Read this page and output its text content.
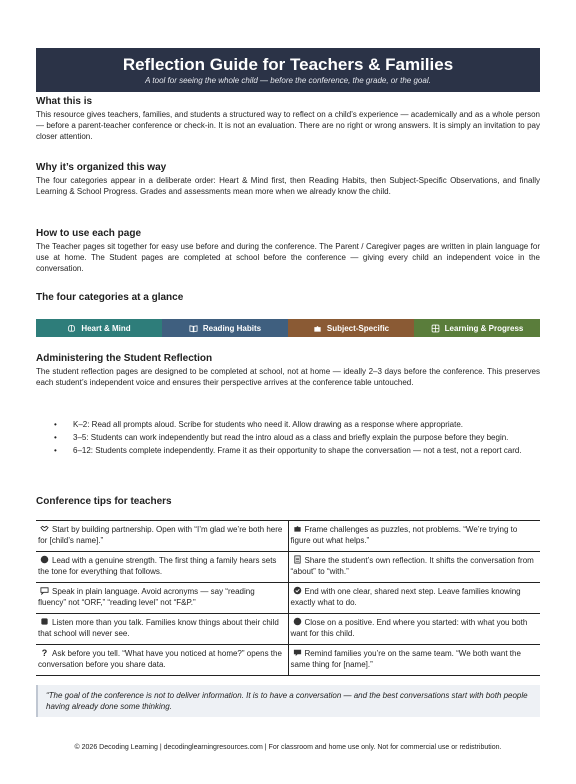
Reflection Guide for Teachers & Families
A tool for seeing the whole child — before the conference, the grade, or the goal.
What this is

This resource gives teachers, families, and students a structured way to reflect on a child’s experience — academically and as a whole person — before a parent-teacher conference or check-in. It is not an evaluation. There are no right or wrong answers. It is simply an invitation to pay closer attention.

Why it’s organized this way

The four categories appear in a deliberate order: Heart & Mind first, then Reading Habits, then Subject-Specific Observations, and finally Learning & School Progress. Grades and assessments mean more when we already know the child.

How to use each page

The Teacher pages sit together for easy use before and during the conference. The Parent / Caregiver pages are written in plain language for use at home. The Student pages are completed at school before the conference — giving every child an independent voice in the conversation.

The four categories at a glance
Heart & Mind	Reading Habits	Subject-Specific	Learning & Progress
Administering the Student Reflection

The student reflection pages are designed to be completed at school, not at home — ideally 2–3 days before the conference. This preserves each student’s independent voice and ensures their perspective arrives at the conference table untouched.

• K–2: Read all prompts aloud. Scribe for students who need it. Allow drawing as a response where appropriate.
• 3–5: Students can work independently but read the intro aloud as a class and briefly explain the purpose before they begin.
• 6–12: Students complete independently. Frame it as their opportunity to shape the conversation — not a test, not a report card.
Conference tips for teachers
Start by building partnership. Open with “I’m glad we’re both here for [child’s name].”
Frame challenges as puzzles, not problems. “We’re trying to figure out what helps.”
Lead with a genuine strength. The first thing a family hears sets the tone for everything that follows.
Share the student’s own reflection. It shifts the conversation from “about” to “with.”
Speak in plain language. Avoid acronyms — say “reading fluency” not “ORF,” “reading level” not “F&P.”
End with one clear, shared next step. Leave families knowing exactly what to do.
Listen more than you talk. Families know things about their child that school will never see.
Close on a positive. End where you started: with what you both want for this child.
? Ask before you tell. “What have you noticed at home?” opens the conversation before you share data.
Remind families you’re on the same team. “We both want the same thing for [name].”
“The goal of the conference is not to deliver information. It is to have a conversation — and the best conversations start with both people having already done some thinking.
© 2026 Decoding Learning | decodinglearningresources.com | For classroom and home use only. Not for commercial use or redistribution.
